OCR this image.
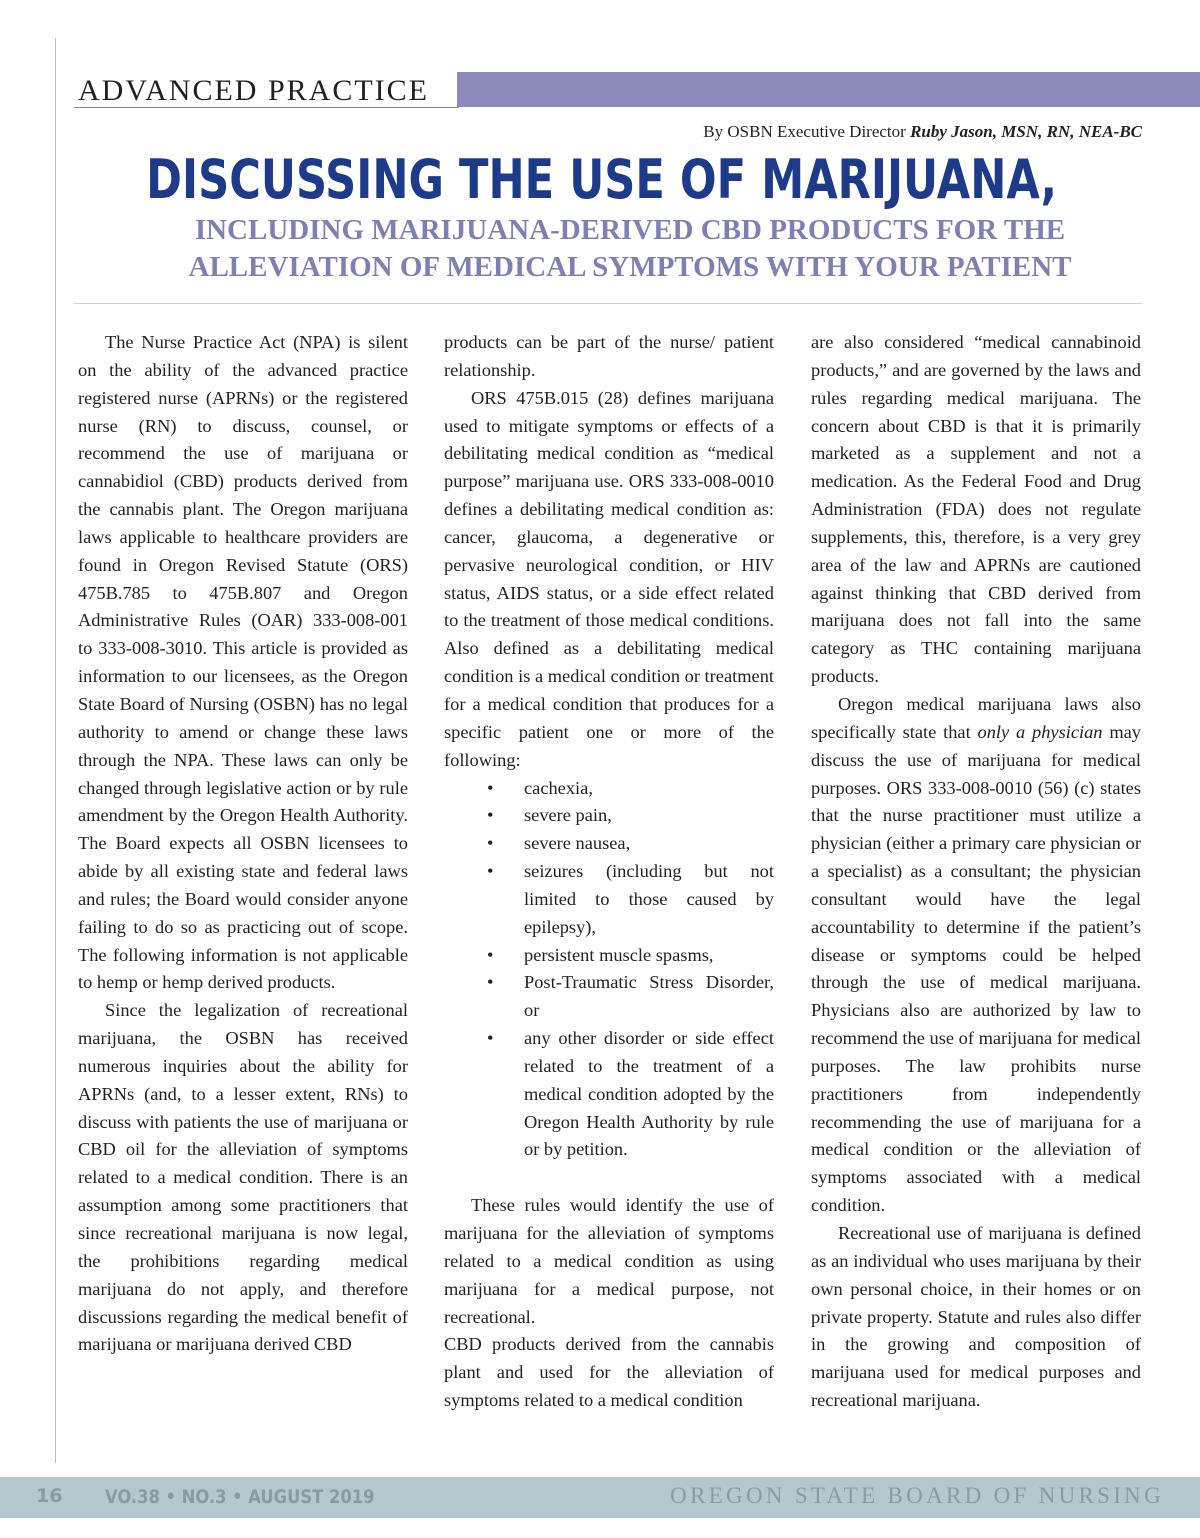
ADVANCED PRACTICE
By OSBN Executive Director Ruby Jason, MSN, RN, NEA-BC
DISCUSSING THE USE OF MARIJUANA,
INCLUDING MARIJUANA-DERIVED CBD PRODUCTS FOR THE
ALLEVIATION OF MEDICAL SYMPTOMS WITH YOUR PATIENT

The Nurse Practice Act (NPA) is silent on the ability of the advanced practice registered nurse (APRNs) or the registered nurse (RN) to discuss, counsel, or recommend the use of marijuana or cannabidiol (CBD) products derived from the cannabis plant. The Oregon marijuana laws applicable to healthcare providers are found in Oregon Revised Statute (ORS) 475B.785 to 475B.807 and Oregon Administrative Rules (OAR) 333-008-001 to 333-008-3010. This article is provided as information to our licensees, as the Oregon State Board of Nursing (OSBN) has no legal authority to amend or change these laws through the NPA. These laws can only be changed through legislative action or by rule amendment by the Oregon Health Authority. The Board expects all OSBN licensees to abide by all existing state and federal laws and rules; the Board would consider anyone failing to do so as practicing out of scope. The following information is not applicable to hemp or hemp derived products.

Since the legalization of recreational marijuana, the OSBN has received numerous inquiries about the ability for APRNs (and, to a lesser extent, RNs) to discuss with patients the use of marijuana or CBD oil for the alleviation of symptoms related to a medical condition. There is an assumption among some practitioners that since recreational marijuana is now legal, the prohibitions regarding medical marijuana do not apply, and therefore discussions regarding the medical benefit of marijuana or marijuana derived CBD

products can be part of the nurse/ patient relationship.

ORS 475B.015 (28) defines marijuana used to mitigate symptoms or effects of a debilitating medical condition as “medical purpose” marijuana use. ORS 333-008-0010 defines a debilitating medical condition as: cancer, glaucoma, a degenerative or pervasive neurological condition, or HIV status, AIDS status, or a side effect related to the treatment of those medical conditions. Also defined as a debilitating medical condition is a medical condition or treatment for a medical condition that produces for a specific patient one or more of the following:

• cachexia,
• severe pain,
• severe nausea,
• seizures (including but not limited to those caused by epilepsy),
• persistent muscle spasms,
• Post-Traumatic Stress Disorder, or
• any other disorder or side effect related to the treatment of a medical condition adopted by the Oregon Health Authority by rule or by petition.

These rules would identify the use of marijuana for the alleviation of symptoms related to a medical condition as using marijuana for a medical purpose, not recreational.

CBD products derived from the cannabis plant and used for the alleviation of symptoms related to a medical condition

are also considered “medical cannabinoid products,” and are governed by the laws and rules regarding medical marijuana. The concern about CBD is that it is primarily marketed as a supplement and not a medication. As the Federal Food and Drug Administration (FDA) does not regulate supplements, this, therefore, is a very grey area of the law and APRNs are cautioned against thinking that CBD derived from marijuana does not fall into the same category as THC containing marijuana products.

Oregon medical marijuana laws also specifically state that only a physician may discuss the use of marijuana for medical purposes. ORS 333-008-0010 (56) (c) states that the nurse practitioner must utilize a physician (either a primary care physician or a specialist) as a consultant; the physician consultant would have the legal accountability to determine if the patient’s disease or symptoms could be helped through the use of medical marijuana. Physicians also are authorized by law to recommend the use of marijuana for medical purposes. The law prohibits nurse practitioners from independently recommending the use of marijuana for a medical condition or the alleviation of symptoms associated with a medical condition.

Recreational use of marijuana is defined as an individual who uses marijuana by their own personal choice, in their homes or on private property. Statute and rules also differ in the growing and composition of marijuana used for medical purposes and recreational marijuana.

16 VO.38 • NO.3 • AUGUST 2019	OREGON STATE BOARD OF NURSING
